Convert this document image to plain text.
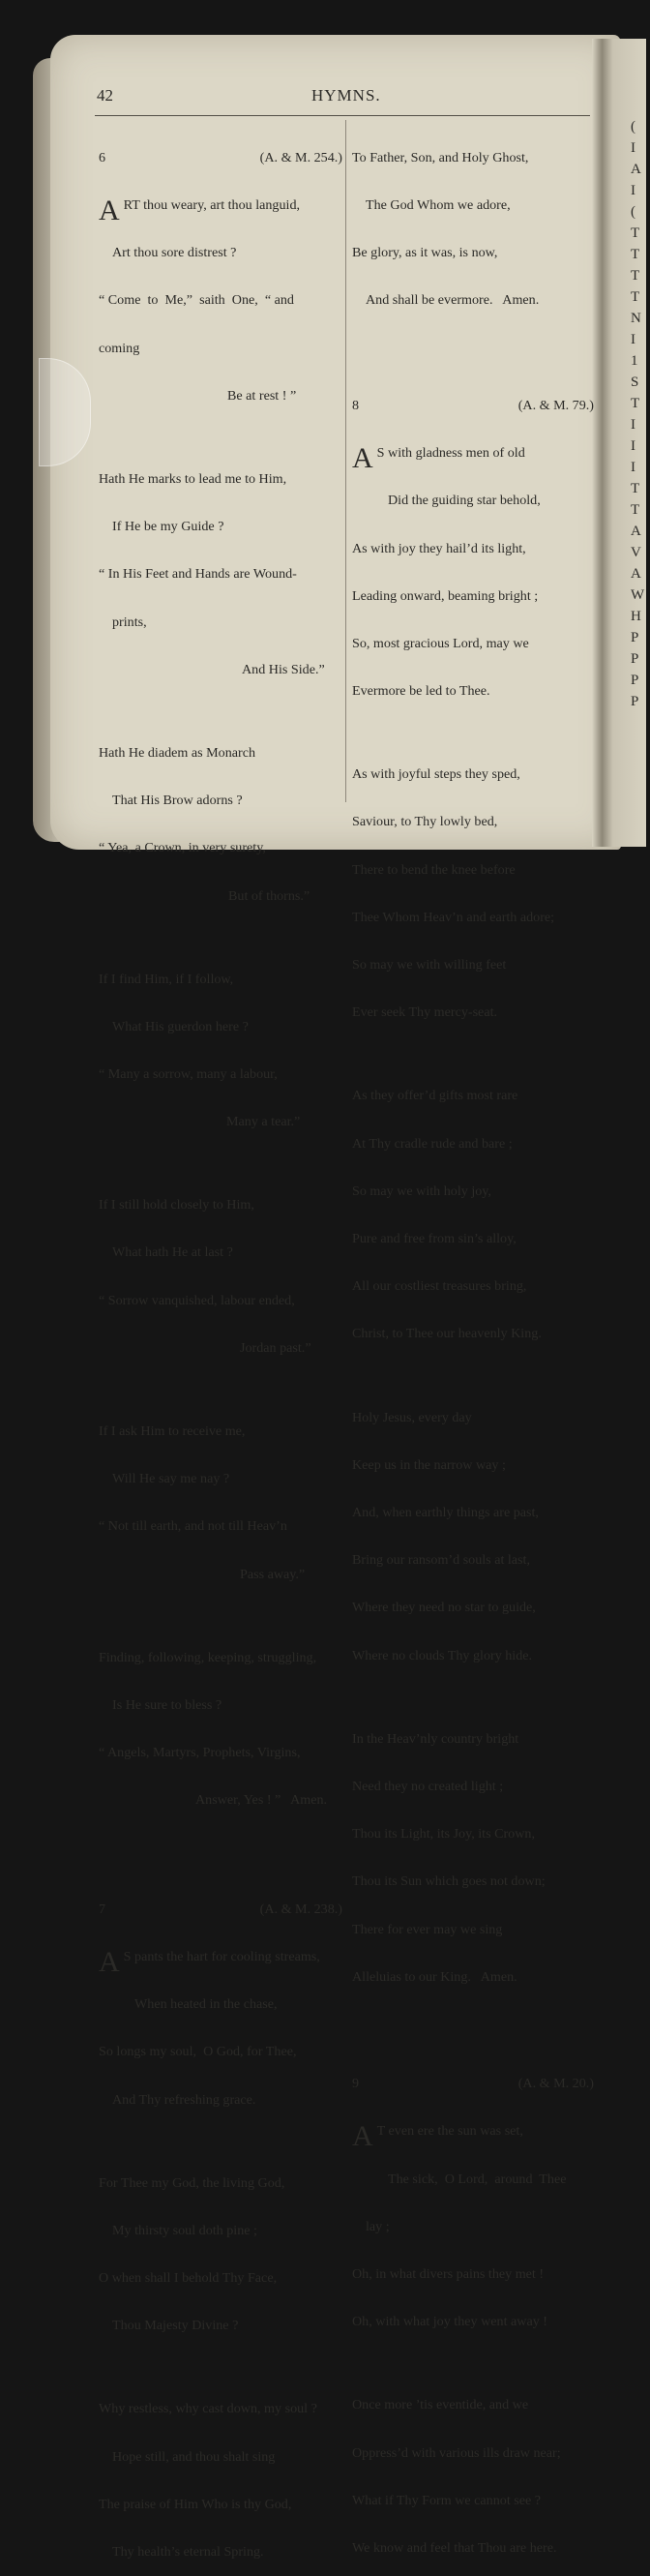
(
I
A
I
(
T
T
T
T
N
I
1
S
T
I
I
I
T
T
A
V
A
W
H
P
P
P
P
42	HYMNS.

6	(A. & M. 254.)

ART thou weary, art thou languid,

Art thou sore distrest ?

“ Come  to  Me,”  saith  One,  “ and

coming

Be at rest ! ”

Hath He marks to lead me to Him,

If He be my Guide ?

“ In His Feet and Hands are Wound-

prints,

And His Side.”

Hath He diadem as Monarch

That His Brow adorns ?

“ Yea, a Crown, in very surety,

But of thorns.”

If I find Him, if I follow,

What His guerdon here ?

“ Many a sorrow, many a labour,

Many a tear.”

If I still hold closely to Him,

What hath He at last ?

“ Sorrow vanquished, labour ended,

Jordan past.”

If I ask Him to receive me,

Will He say me nay ?

“ Not till earth, and not till Heav’n

Pass away.”

Finding, following, keeping, struggling,

Is He sure to bless ?

“ Angels, Martyrs, Prophets, Virgins,

Answer, Yes ! ”   Amen.

7	(A. & M. 238.)

A S pants the hart for cooling streams,

When heated in the chase,

So longs my soul,  O God, for Thee,

And Thy refreshing grace.

For Thee my God, the living God,

My thirsty soul doth pine ;

O when shall I behold Thy Face,

Thou Majesty Divine ?

Why restless, why cast down, my soul ?

Hope still, and thou shalt sing

The praise of Him Who is thy God,

Thy health’s eternal Spring.

To Father, Son, and Holy Ghost,

The God Whom we adore,

Be glory, as it was, is now,

And shall be evermore.   Amen.

8	(A. & M. 79.)

A S with gladness men of old

Did the guiding star behold,

As with joy they hail’d its light,

Leading onward, beaming bright ;

So, most gracious Lord, may we

Evermore be led to Thee.

As with joyful steps they sped,

Saviour, to Thy lowly bed,

There to bend the knee before

Thee Whom Heav’n and earth adore;

So may we with willing feet

Ever seek Thy mercy-seat.

As they offer’d gifts most rare

At Thy cradle rude and bare ;

So may we with holy joy,

Pure and free from sin’s alloy,

All our costliest treasures bring,

Christ, to Thee our heavenly King.

Holy Jesus, every day

Keep us in the narrow way ;

And, when earthly things are past,

Bring our ransom’d souls at last,

Where they need no star to guide,

Where no clouds Thy glory hide.

In the Heav’nly country bright

Need they no created light ;

Thou its Light, its Joy, its Crown,

Thou its Sun which goes not down;

There for ever may we sing

Alleluias to our King.   Amen.

9	(A. & M. 20.)

A T even ere the sun was set,

The sick,  O Lord,  around  Thee

lay ;

Oh, in what divers pains they met !

Oh, with what joy they went away !

Once more ’tis eventide, and we

Oppress’d with various ills draw near;

What if Thy Form we cannot see ?

We know and feel that Thou are here.
